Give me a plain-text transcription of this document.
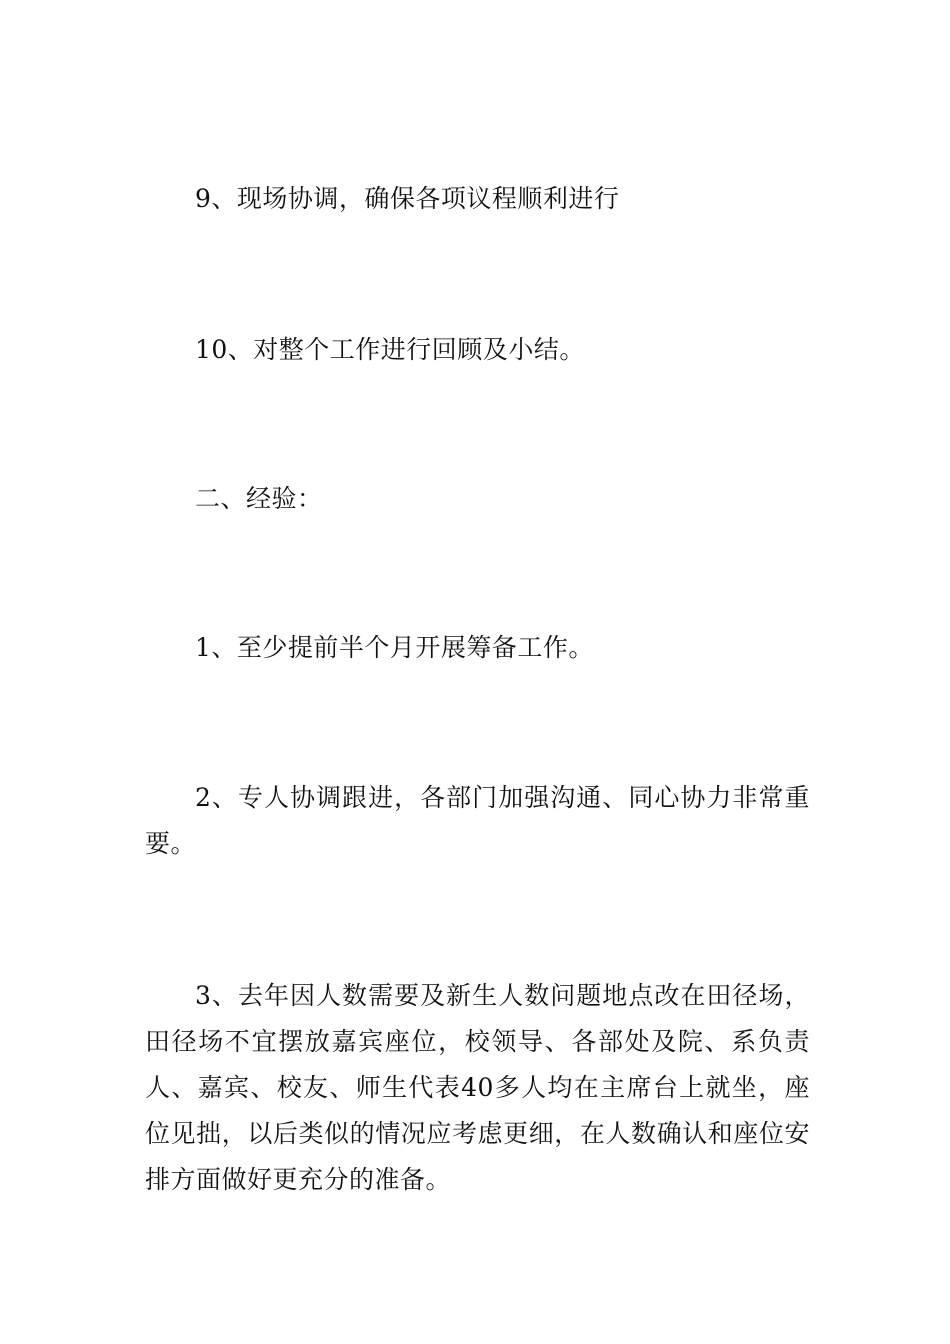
9、现场协调，确保各项议程顺利进行

10、对整个工作进行回顾及小结。

二、经验：

1、至少提前半个月开展筹备工作。

2、专人协调跟进，各部门加强沟通、同心协力非常重要。

3、去年因人数需要及新生人数问题地点改在田径场，田径场不宜摆放嘉宾座位，校领导、各部处及院、系负责人、嘉宾、校友、师生代表40多人均在主席台上就坐，座位见拙，以后类似的情况应考虑更细，在人数确认和座位安排方面做好更充分的准备。
